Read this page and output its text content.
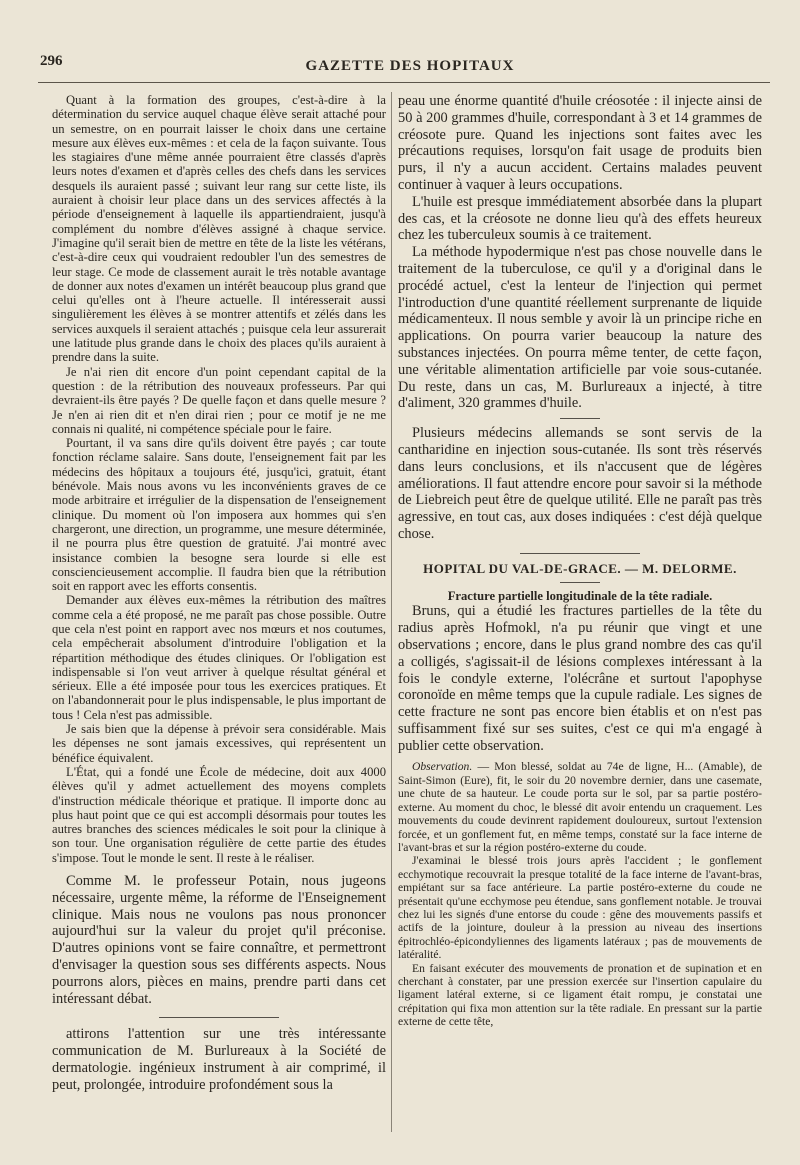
296	GAZETTE DES HOPITAUX

Quant à la formation des groupes, c'est-à-dire à la détermination du service auquel chaque élève serait attaché pour un semestre, on en pourrait laisser le choix dans une certaine mesure aux élèves eux-mêmes : et cela de la façon suivante. Tous les stagiaires d'une même année pourraient être classés d'après leurs notes d'examen et d'après celles des chefs dans les services desquels ils auraient passé ; suivant leur rang sur cette liste, ils auraient à choisir leur place dans un des services affectés à la période d'enseignement à laquelle ils appartiendraient, jusqu'à complément du nombre d'élèves assigné à chaque service. J'imagine qu'il serait bien de mettre en tête de la liste les vétérans, c'est-à-dire ceux qui voudraient redoubler l'un des semestres de leur stage. Ce mode de classement aurait le très notable avantage de donner aux notes d'examen un intérêt beaucoup plus grand que celui qu'elles ont à l'heure actuelle. Il intéresserait aussi singulièrement les élèves à se montrer attentifs et zélés dans les services auxquels il seraient attachés ; puisque cela leur assurerait une latitude plus grande dans le choix des places qu'ils auraient à prendre dans la suite.

Je n'ai rien dit encore d'un point cependant capital de la question : de la rétribution des nouveaux professeurs. Par qui devraient-ils être payés ? De quelle façon et dans quelle mesure ? Je n'en ai rien dit et n'en dirai rien ; pour ce motif je ne me connais ni qualité, ni compétence spéciale pour le faire.

Pourtant, il va sans dire qu'ils doivent être payés ; car toute fonction réclame salaire. Sans doute, l'enseignement fait par les médecins des hôpitaux a toujours été, jusqu'ici, gratuit, étant bénévole. Mais nous avons vu les inconvénients graves de ce mode arbitraire et irrégulier de la dispensation de l'enseignement clinique. Du moment où l'on imposera aux hommes qui s'en chargeront, une direction, un programme, une mesure déterminée, il ne pourra plus être question de gratuité. J'ai montré avec insistance combien la besogne sera lourde si elle est consciencieusement accomplie. Il faudra bien que la rétribution soit en rapport avec les efforts consentis.

Demander aux élèves eux-mêmes la rétribution des maîtres comme cela a été proposé, ne me paraît pas chose possible. Outre que cela n'est point en rapport avec nos mœurs et nos coutumes, cela empêcherait absolument d'introduire l'obligation et la répartition méthodique des études cliniques. Or l'obligation est indispensable si l'on veut arriver à quelque résultat général et sérieux. Elle a été imposée pour tous les exercices pratiques. Et on l'abandonnerait pour le plus indispensable, le plus important de tous ! Cela n'est pas admissible.

Je sais bien que la dépense à prévoir sera considérable. Mais les dépenses ne sont jamais excessives, qui représentent un bénéfice équivalent.

L'État, qui a fondé une École de médecine, doit aux 4000 élèves qu'il y admet actuellement des moyens complets d'instruction médicale théorique et pratique. Il importe donc au plus haut point que ce qui est accompli désormais pour toutes les autres branches des sciences médicales le soit pour la clinique à son tour. Une organisation régulière de cette partie des études s'impose. Tout le monde le sent. Il reste à le réaliser.

Comme M. le professeur Potain, nous jugeons nécessaire, urgente même, la réforme de l'Enseignement clinique. Mais nous ne voulons pas nous prononcer aujourd'hui sur la valeur du projet qu'il préconise. D'autres opinions vont se faire connaître, et permettront d'envisager la question sous ses différents aspects. Nous pourrons alors, pièces en mains, prendre parti dans cet intéressant débat.

attirons l'attention sur une très intéressante communication de M. Burlureaux à la Société de dermatologie. ingénieux instrument à air comprimé, il peut, prolongée, introduire profondément sous la

peau une énorme quantité d'huile créosotée : il injecte ainsi de 50 à 200 grammes d'huile, correspondant à 3 et 14 grammes de créosote pure. Quand les injections sont faites avec les précautions requises, lorsqu'on fait usage de produits bien purs, il n'y a aucun accident. Certains malades peuvent continuer à vaquer à leurs occupations.

L'huile est presque immédiatement absorbée dans la plupart des cas, et la créosote ne donne lieu qu'à des effets heureux chez les tuberculeux soumis à ce traitement.

La méthode hypodermique n'est pas chose nouvelle dans le traitement de la tuberculose, ce qu'il y a d'original dans le procédé actuel, c'est la lenteur de l'injection qui permet l'introduction d'une quantité réellement surprenante de liquide médicamenteux. Il nous semble y avoir là un principe riche en applications. On pourra varier beaucoup la nature des substances injectées. On pourra même tenter, de cette façon, une véritable alimentation artificielle par voie sous-cutanée. Du reste, dans un cas, M. Burlureaux a injecté, à titre d'aliment, 320 grammes d'huile.

Plusieurs médecins allemands se sont servis de la cantharidine en injection sous-cutanée. Ils sont très réservés dans leurs conclusions, et ils n'accusent que de légères améliorations. Il faut attendre encore pour savoir si la méthode de Liebreich peut être de quelque utilité. Elle ne paraît pas très agressive, en tout cas, aux doses indiquées : c'est déjà quelque chose.

HOPITAL DU VAL-DE-GRACE. — M. DELORME.

Fracture partielle longitudinale de la tête radiale.

Bruns, qui a étudié les fractures partielles de la tête du radius après Hofmokl, n'a pu réunir que vingt et une observations ; encore, dans le plus grand nombre des cas qu'il a colligés, s'agissait-il de lésions complexes intéressant à la fois le condyle externe, l'olécrâne et surtout l'apophyse coronoïde en même temps que la cupule radiale. Les signes de cette fracture ne sont pas encore bien établis et on n'est pas suffisamment fixé sur ses suites, c'est ce qui m'a engagé à publier cette observation.

Observation. — Mon blessé, soldat au 74e de ligne, H... (Amable), de Saint-Simon (Eure), fit, le soir du 20 novembre dernier, dans une casemate, une chute de sa hauteur. Le coude porta sur le sol, par sa partie postéro-externe. Au moment du choc, le blessé dit avoir entendu un craquement. Les mouvements du coude devinrent rapidement douloureux, surtout l'extension forcée, et un gonflement fut, en même temps, constaté sur la face interne de l'avant-bras et sur la région postéro-externe du coude.

J'examinai le blessé trois jours après l'accident ; le gonflement ecchymotique recouvrait la presque totalité de la face interne de l'avant-bras, empiétant sur sa face antérieure. La partie postéro-externe du coude ne présentait qu'une ecchymose peu étendue, sans gonflement notable. Je trouvai chez lui les signés d'une entorse du coude : gêne des mouvements passifs et actifs de la jointure, douleur à la pression au niveau des insertions épitrochléo-épicondyliennes des ligaments latéraux ; pas de mouvements de latéralité.

En faisant exécuter des mouvements de pronation et de supination et en cherchant à constater, par une pression exercée sur l'insertion capulaire du ligament latéral externe, si ce ligament était rompu, je constatai une crépitation qui fixa mon attention sur la tête radiale. En pressant sur la partie externe de cette tête,
